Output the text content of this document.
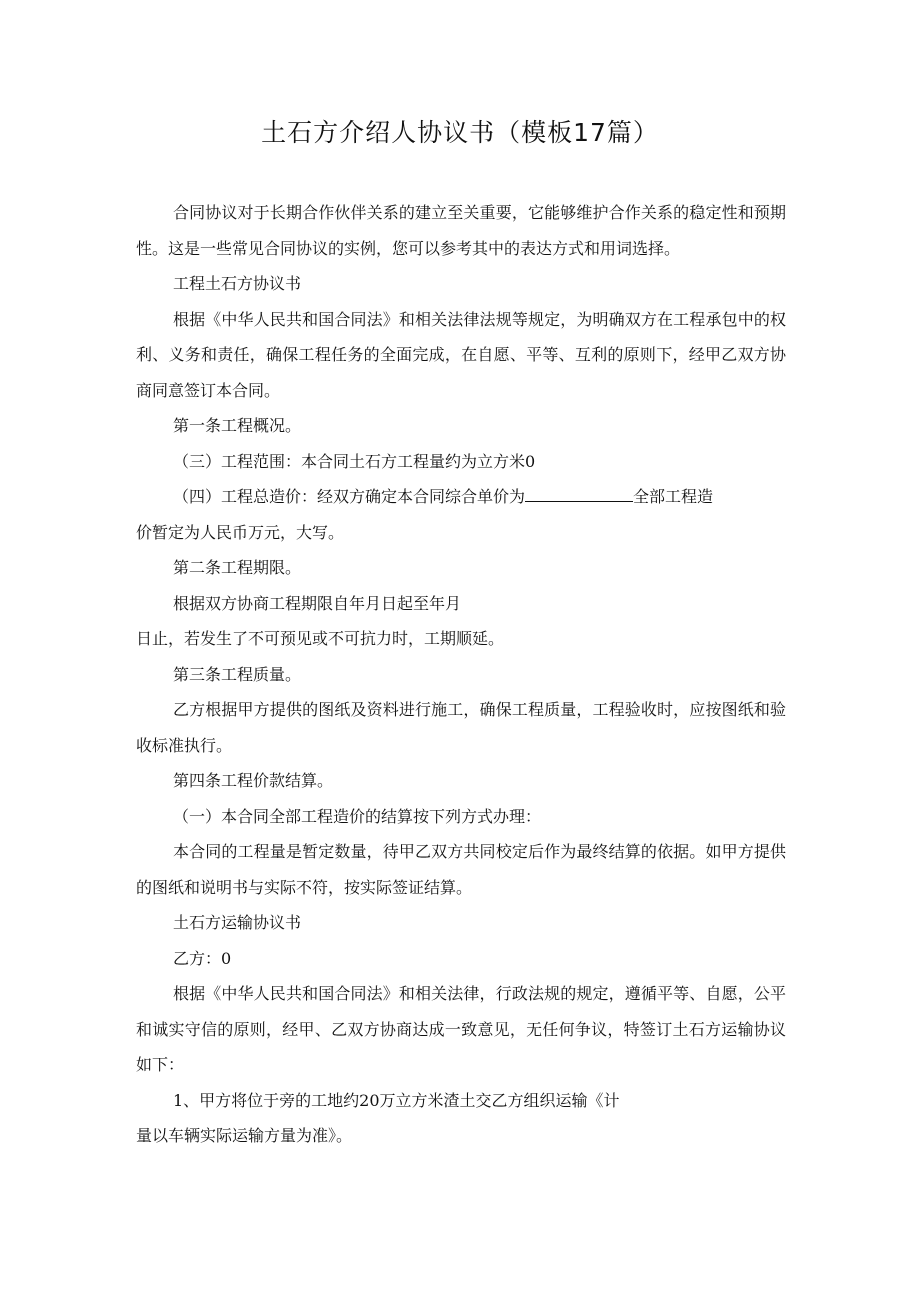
土石方介绍人协议书（模板17篇）

合同协议对于长期合作伙伴关系的建立至关重要，它能够维护合作关系的稳定性和预期性。这是一些常见合同协议的实例，您可以参考其中的表达方式和用词选择。

工程土石方协议书

根据《中华人民共和国合同法》和相关法律法规等规定，为明确双方在工程承包中的权利、义务和责任，确保工程任务的全面完成，在自愿、平等、互利的原则下，经甲乙双方协商同意签订本合同。

第一条工程概况。

（三）工程范围：本合同土石方工程量约为立方米0

（四）工程总造价：经双方确定本合同综合单价为	全部工程造

价暂定为人民币万元，大写。

第二条工程期限。

根据双方协商工程期限自年月日起至年月

日止，若发生了不可预见或不可抗力时，工期顺延。

第三条工程质量。

乙方根据甲方提供的图纸及资料进行施工，确保工程质量，工程验收时，应按图纸和验收标准执行。

第四条工程价款结算。

（一）本合同全部工程造价的结算按下列方式办理：

本合同的工程量是暂定数量，待甲乙双方共同校定后作为最终结算的依据。如甲方提供的图纸和说明书与实际不符，按实际签证结算。

土石方运输协议书

乙方：0

根据《中华人民共和国合同法》和相关法律，行政法规的规定，遵循平等、自愿，公平和诚实守信的原则，经甲、乙双方协商达成一致意见，无任何争议，特签订土石方运输协议如下：

1、甲方将位于旁的工地约20万立方米渣土交乙方组织运输《计

量以车辆实际运输方量为准》。
